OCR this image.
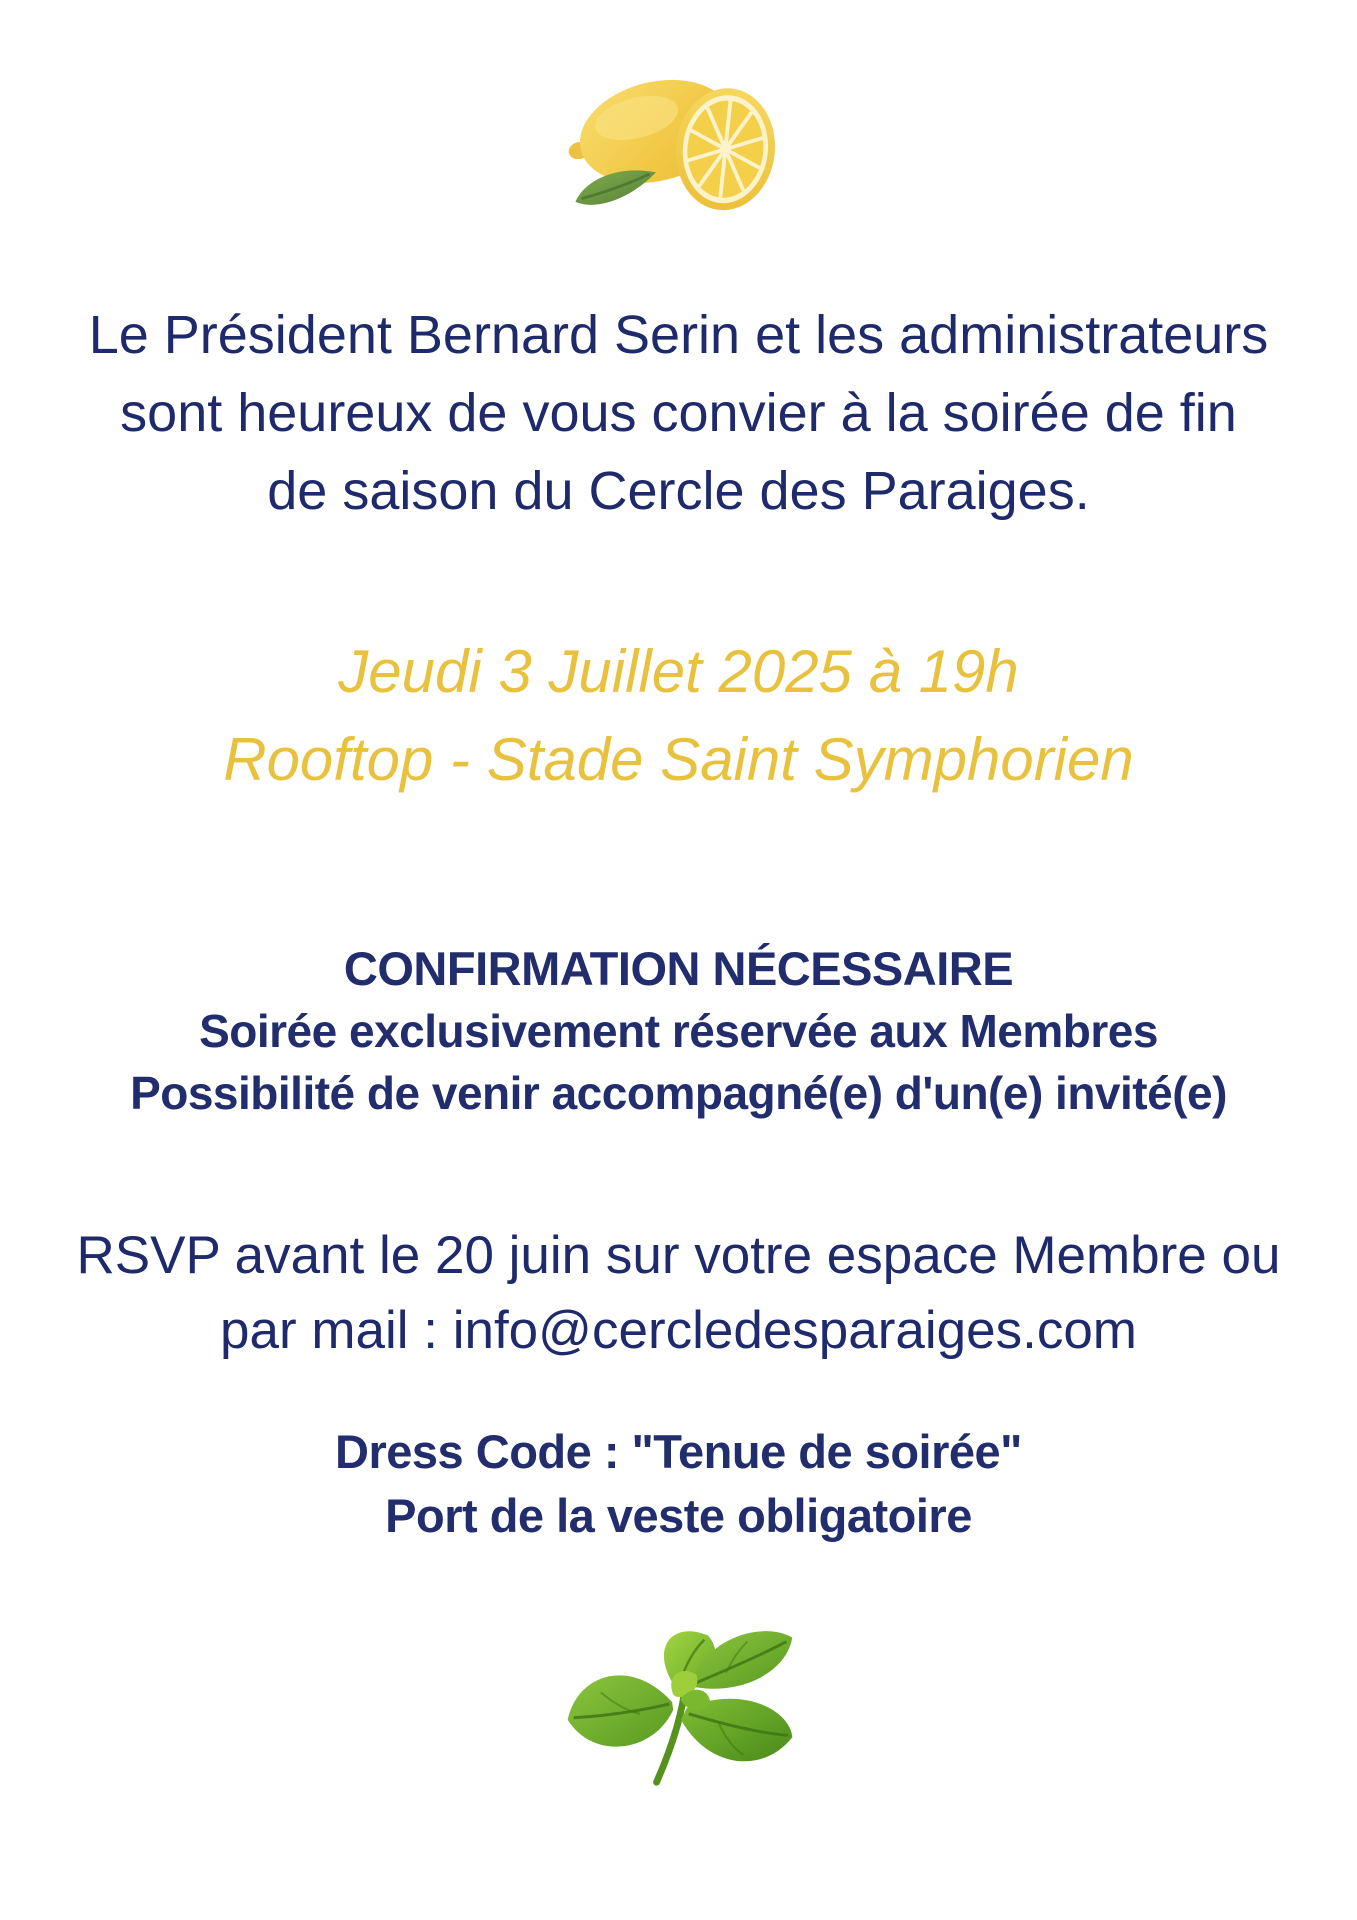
Le Président Bernard Serin et les administrateurs
sont heureux de vous convier à la soirée de fin
de saison du Cercle des Paraiges.
Jeudi 3 Juillet 2025 à 19h
Rooftop - Stade Saint Symphorien
CONFIRMATION NÉCESSAIRE
Soirée exclusivement réservée aux Membres
Possibilité de venir accompagné(e) d'un(e) invité(e)
RSVP avant le 20 juin sur votre espace Membre ou
par mail : info@cercledesparaiges.com
Dress Code : "Tenue de soirée"
Port de la veste obligatoire
